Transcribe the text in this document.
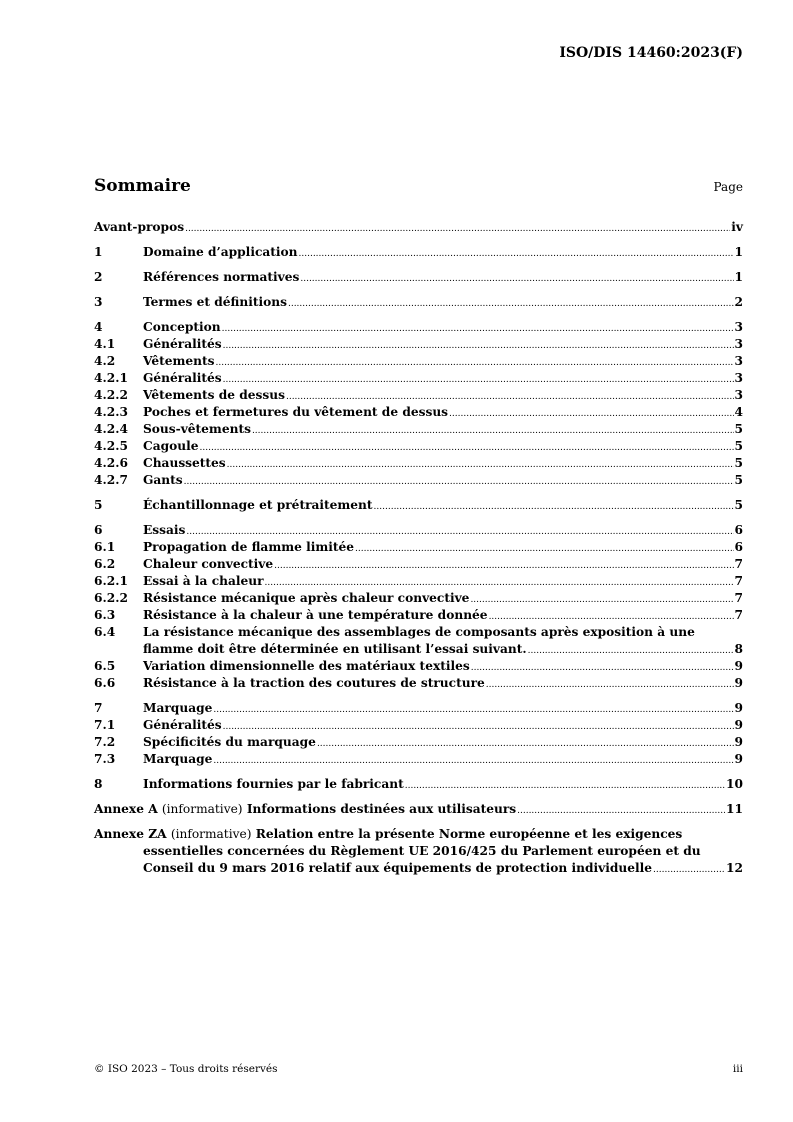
ISO/DIS 14460:2023(F)
Sommaire	Page
Avant-propos .....	iv
1	Domaine d’application .....	1
2	Références normatives .....	1
3	Termes et définitions .....	2
4	Conception .....	3
4.1	Généralités .....	3
4.2	Vêtements .....	3
4.2.1	Généralités .....	3
4.2.2	Vêtements de dessus .....	3
4.2.3	Poches et fermetures du vêtement de dessus .....	4
4.2.4	Sous-vêtements .....	5
4.2.5	Cagoule .....	5
4.2.6	Chaussettes .....	5
4.2.7	Gants .....	5
5	Échantillonnage et prétraitement .....	5
6	Essais .....	6
6.1	Propagation de flamme limitée .....	6
6.2	Chaleur convective .....	7
6.2.1	Essai à la chaleur .....	7
6.2.2	Résistance mécanique après chaleur convective .....	7
6.3	Résistance à la chaleur à une température donnée .....	7
6.4	La résistance mécanique des assemblages de composants après exposition à une
flamme doit être déterminée en utilisant l’essai suivant. .....	8
6.5	Variation dimensionnelle des matériaux textiles .....	9
6.6	Résistance à la traction des coutures de structure .....	9
7	Marquage .....	9
7.1	Généralités .....	9
7.2	Spécificités du marquage .....	9
7.3	Marquage .....	9
8	Informations fournies par le fabricant .....	10
Annexe A (informative) Informations destinées aux utilisateurs .....	11
Annexe ZA (informative) Relation entre la présente Norme européenne et les exigences
essentielles concernées du Règlement UE 2016/425 du Parlement européen et du
Conseil du 9 mars 2016 relatif aux équipements de protection individuelle .....	12
© ISO 2023 – Tous droits réservés	iii
